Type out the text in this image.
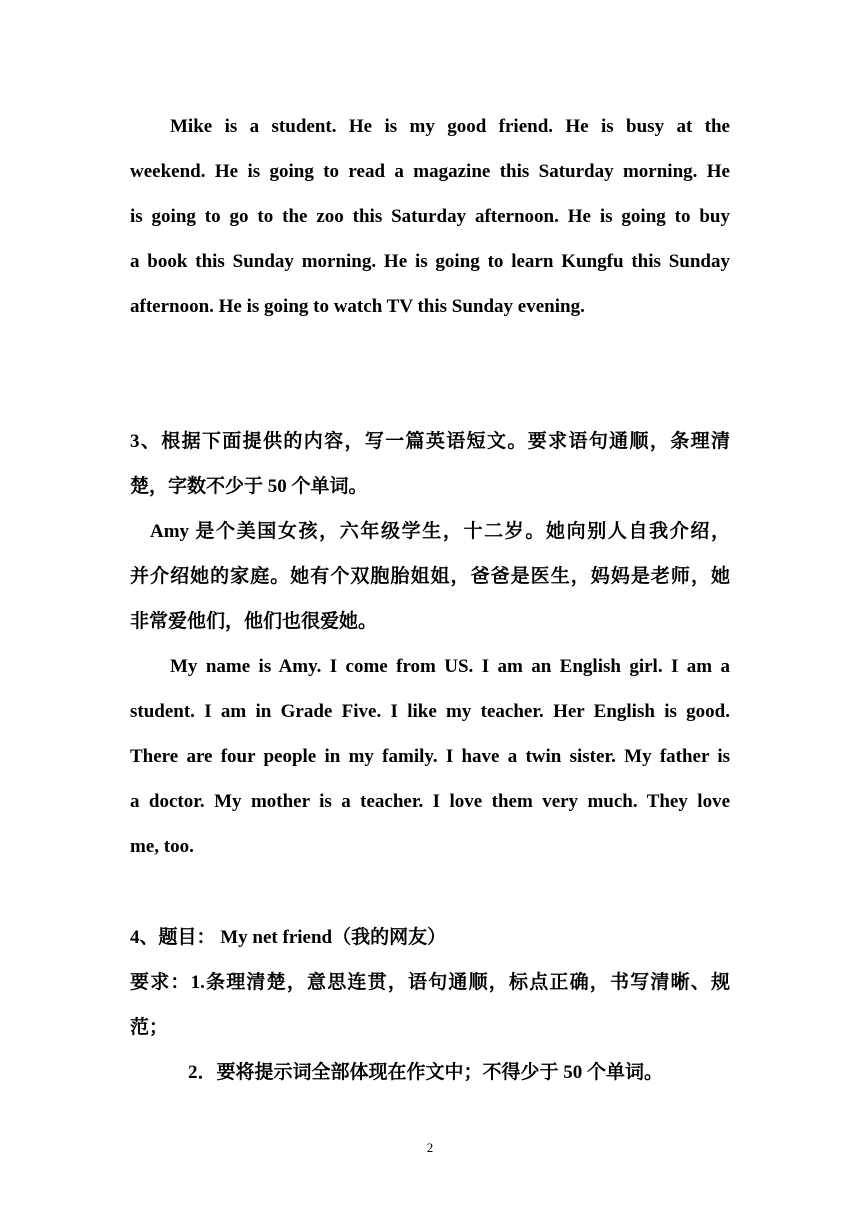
Mike is a student. He is my good friend. He is busy at the

weekend. He is going to read a magazine this Saturday morning. He

is going to go to the zoo this Saturday afternoon. He is going to buy

a book this Sunday morning. He is going to learn Kungfu this Sunday

afternoon. He is going to watch TV this Sunday evening.

3、根据下面提供的内容，写一篇英语短文。要求语句通顺，条理清

楚，字数不少于 50 个单词。

Amy 是个美国女孩，六年级学生，十二岁。她向别人自我介绍，

并介绍她的家庭。她有个双胞胎姐姐，爸爸是医生，妈妈是老师，她

非常爱他们，他们也很爱她。

My name is Amy. I come from US. I am an English girl. I am a

student. I am in Grade Five. I like my teacher. Her English is good.

There are four people in my family. I have a twin sister. My father is

a doctor. My mother is a teacher. I love them very much. They love

me, too.

4、题目： My net friend（我的网友）

要求：1.条理清楚，意思连贯，语句通顺，标点正确，书写清晰、规

范；

2．要将提示词全部体现在作文中；不得少于 50 个单词。

2
